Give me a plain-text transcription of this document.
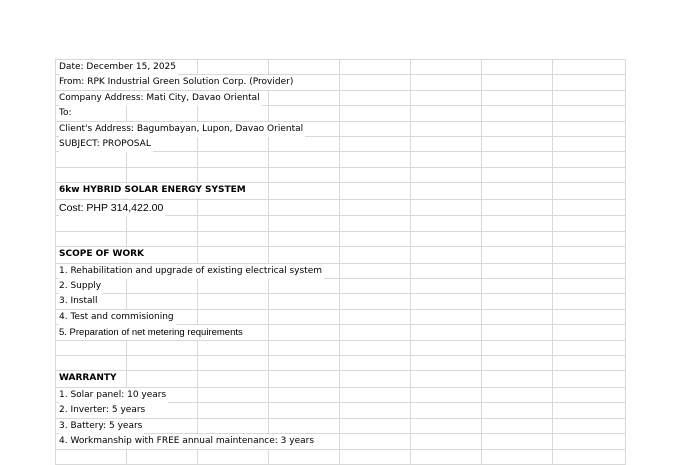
Date: December 15, 2025
From: RPK Industrial Green Solution Corp. (Provider)
Company Address: Mati City, Davao Oriental
To:
Client's Address: Bagumbayan, Lupon, Davao Oriental
SUBJECT: PROPOSAL
6kw HYBRID SOLAR ENERGY SYSTEM
Cost: PHP 314,422.00
SCOPE OF WORK
1. Rehabilitation and upgrade of existing electrical system
2. Supply
3. Install
4. Test and commisioning
5. Preparation of net metering requirements
WARRANTY
1. Solar panel: 10 years
2. Inverter: 5 years
3. Battery: 5 years
4. Workmanship with FREE annual maintenance: 3 years
